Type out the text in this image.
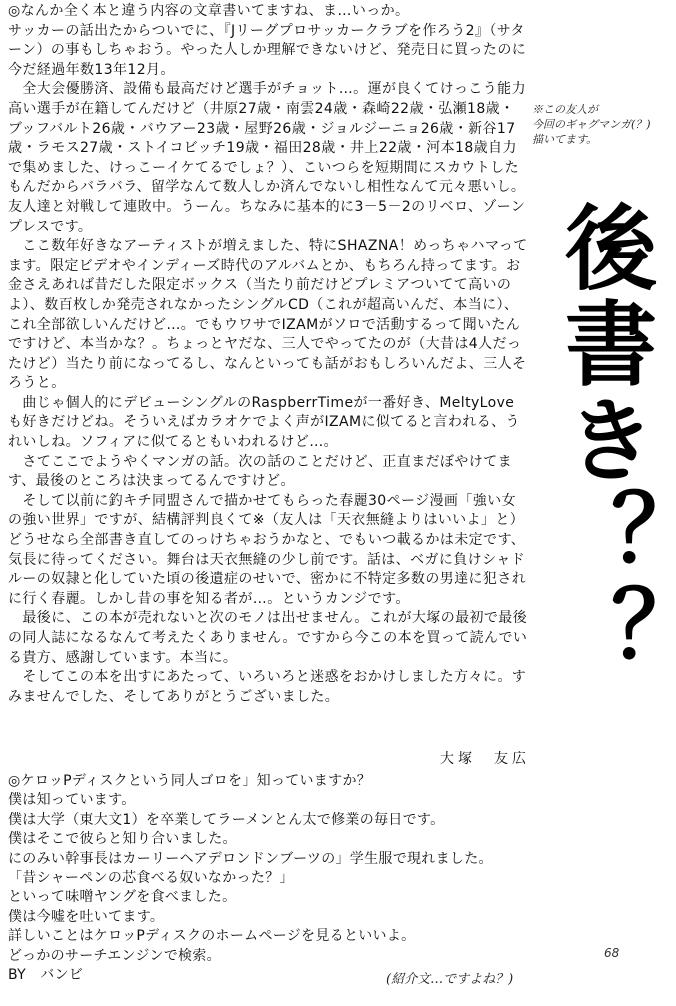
◎なんか全く本と違う内容の文章書いてますね、ま…いっか。

サッカーの話出たからついでに、『Jリーグプロサッカークラブを作ろう2』（サターン）の事もしちゃおう。やった人しか理解できないけど、発売日に買ったのに今だ経過年数13年12月。

　全大会優勝済、設備も最高だけど選手がチョット…。運が良くてけっこう能力高い選手が在籍してんだけど（井原27歳・南雲24歳・森崎22歳・弘瀬18歳・ブッフバルト26歳・バウアー23歳・屋野26歳・ジョルジーニョ26歳・新谷17歳・ラモス27歳・ストイコビッチ19歳・福田28歳・井上22歳・河本18歳自力で集めました、けっこーイケてるでしょ？）、こいつらを短期間にスカウトしたもんだからバラバラ、留学なんて数人しか済んでないし相性なんて元々悪いし。友人達と対戦して連敗中。うーん。ちなみに基本的に3－5－2のリベロ、ゾーンプレスです。

　ここ数年好きなアーティストが増えました、特にSHAZNA！めっちゃハマってます。限定ビデオやインディーズ時代のアルバムとか、もちろん持ってます。お金さえあれば昔だした限定ボックス（当たり前だけどプレミアついてて高いのよ）、数百枚しか発売されなかったシングルCD（これが超高いんだ、本当に）、これ全部欲しいんだけど…。でもウワサでIZAMがソロで活動するって聞いたんですけど、本当かな？。ちょっとヤだな、三人でやってたのが（大昔は4人だったけど）当たり前になってるし、なんといっても話がおもしろいんだよ、三人そろうと。

　曲じゃ個人的にデビューシングルのRaspberrTimeが一番好き、MeltyLoveも好きだけどね。そういえばカラオケでよく声がIZAMに似てると言われる、うれいしね。ソフィアに似てるともいわれるけど…。

　さてここでようやくマンガの話。次の話のことだけど、正直まだぼやけてます、最後のところは決まってるんですけど。

　そして以前に釣キチ同盟さんで描かせてもらった春麗30ページ漫画「強い女の強い世界」ですが、結構評判良くて※（友人は「天衣無縫よりはいいよ」と）どうせなら全部書き直してのっけちゃおうかなと、でもいつ載るかは未定です、気長に待ってください。舞台は天衣無縫の少し前です。話は、ベガに負けシャドルーの奴隷と化していた頃の後遺症のせいで、密かに不特定多数の男達に犯されに行く春麗。しかし昔の事を知る者が…。というカンジです。

　最後に、この本が売れないと次のモノは出せません。これが大塚の最初で最後の同人誌になるなんて考えたくありません。ですから今この本を買って読んでいる貴方、感謝しています。本当に。

　そしてこの本を出すにあたって、いろいろと迷惑をおかけしました方々に。すみませんでした、そしてありがとうございました。

大塚　友広

◎ケロッPディスクという同人ゴロを」知っていますか？

僕は知っています。

僕は大学（東大文1）を卒業してラーメンとん太で修業の毎日です。

僕はそこで彼らと知り合いました。

にのみい幹事長はカーリーヘアデロンドンブーツの」学生服で現れました。

「昔シャーペンの芯食べる奴いなかった？」

といって味噌ヤングを食べました。

僕は今嘘を吐いてます。

詳しいことはケロッPディスクのホームページを見るといいよ。

どっかのサーチエンジンで検索。

BY　バンビ

※この友人が
今回のギャグマンガ(？)
描いてます。
後書き？？
68
(紹介文…ですよね？)
